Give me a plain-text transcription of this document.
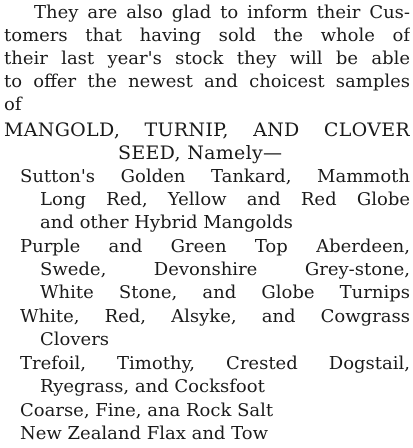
They are also glad to inform their Cus-
tomers that having sold the whole of
their last year's stock they will be able
to offer the newest and choicest samples
of
MANGOLD, TURNIP, AND CLOVER
SEED, Namely—
Sutton's Golden Tankard, Mammoth
Long Red, Yellow and Red Globe
and other Hybrid Mangolds
Purple and Green Top Aberdeen,
Swede, Devonshire Grey-stone,
White Stone, and Globe Turnips
White, Red, Alsyke, and Cowgrass
Clovers
Trefoil, Timothy, Crested Dogstail,
Ryegrass, and Cocksfoot
Coarse, Fine, ana Rock Salt
New Zealand Flax and Tow
